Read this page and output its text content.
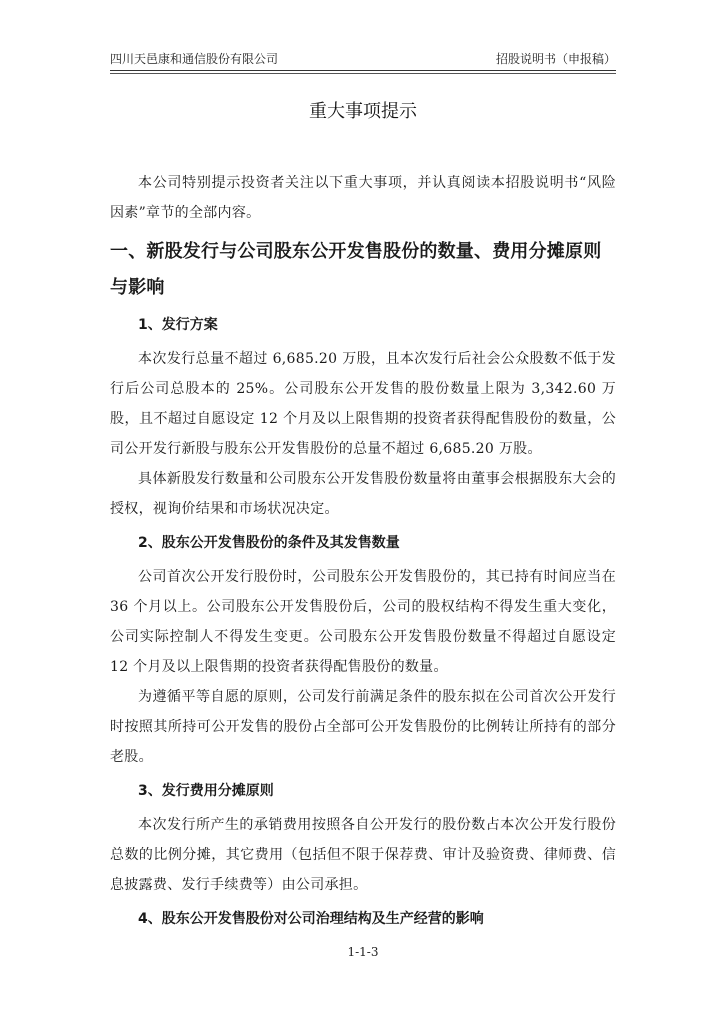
四川天邑康和通信股份有限公司	招股说明书（申报稿）
重大事项提示

本公司特别提示投资者关注以下重大事项，并认真阅读本招股说明书“风险因素”章节的全部内容。

一、新股发行与公司股东公开发售股份的数量、费用分摊原则与影响
1、发行方案

本次发行总量不超过 6,685.20 万股，且本次发行后社会公众股数不低于发行后公司总股本的 25%。公司股东公开发售的股份数量上限为 3,342.60 万股，且不超过自愿设定 12 个月及以上限售期的投资者获得配售股份的数量，公司公开发行新股与股东公开发售股份的总量不超过 6,685.20 万股。

具体新股发行数量和公司股东公开发售股份数量将由董事会根据股东大会的授权，视询价结果和市场状况决定。

2、股东公开发售股份的条件及其发售数量

公司首次公开发行股份时，公司股东公开发售股份的，其已持有时间应当在 36 个月以上。公司股东公开发售股份后，公司的股权结构不得发生重大变化，公司实际控制人不得发生变更。公司股东公开发售股份数量不得超过自愿设定 12 个月及以上限售期的投资者获得配售股份的数量。

为遵循平等自愿的原则，公司发行前满足条件的股东拟在公司首次公开发行时按照其所持可公开发售的股份占全部可公开发售股份的比例转让所持有的部分老股。

3、发行费用分摊原则

本次发行所产生的承销费用按照各自公开发行的股份数占本次公开发行股份总数的比例分摊，其它费用（包括但不限于保荐费、审计及验资费、律师费、信息披露费、发行手续费等）由公司承担。

4、股东公开发售股份对公司治理结构及生产经营的影响
1-1-3
